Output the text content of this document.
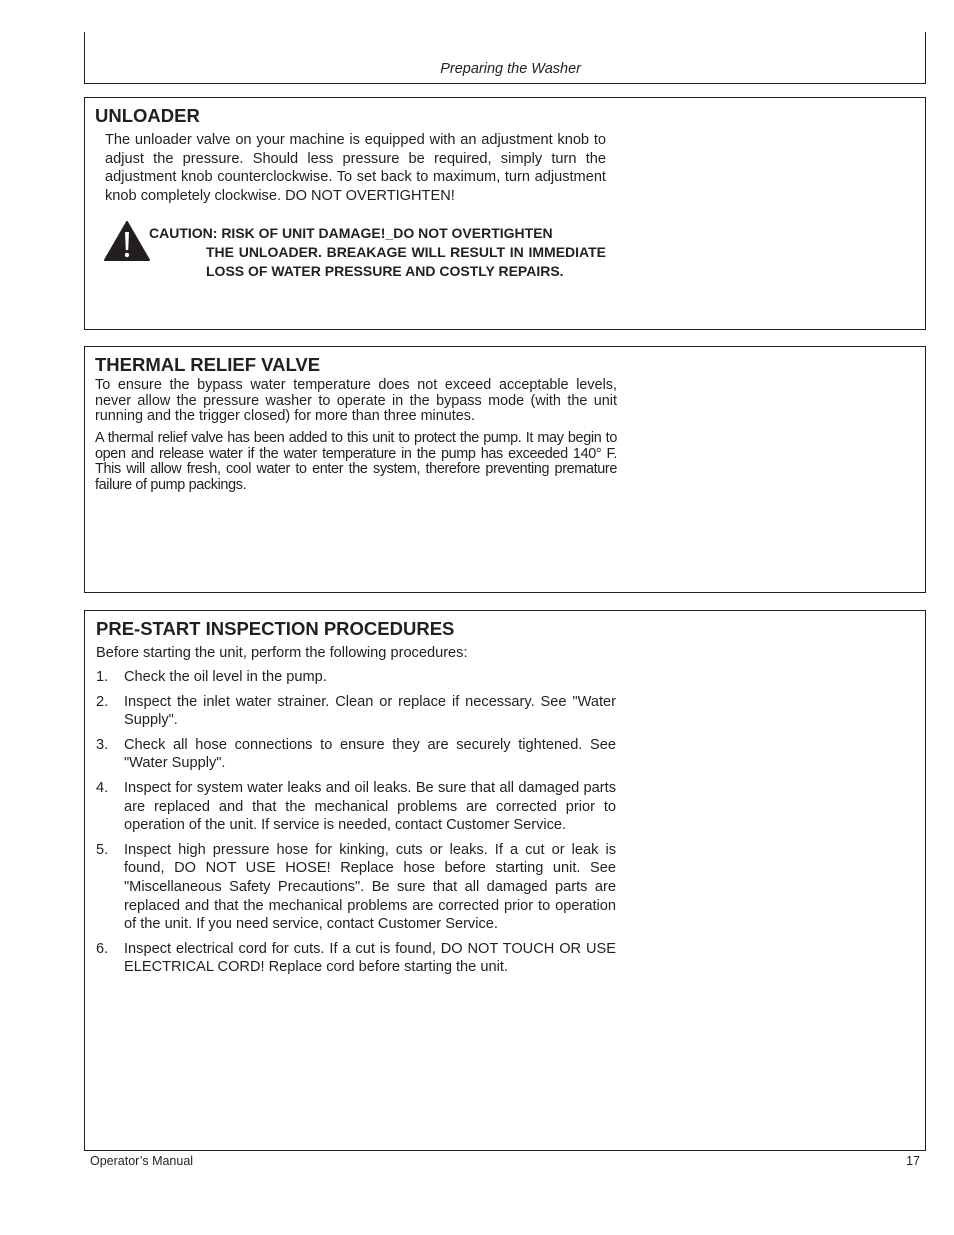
Preparing the Washer
UNLOADER

The unloader valve on your machine is equipped with an adjustment knob to adjust the pressure. Should less pressure be required, simply turn the adjustment knob counterclockwise. To set back to maximum, turn adjustment knob completely clockwise. DO NOT OVERTIGHTEN!

CAUTION: RISK OF UNIT DAMAGE!_DO NOT OVERTIGHTEN
THE UNLOADER. BREAKAGE WILL RESULT IN IMMEDIATE LOSS OF WATER PRESSURE AND COSTLY REPAIRS.
THERMAL RELIEF VALVE

To ensure the bypass water temperature does not exceed acceptable levels, never allow the pressure washer to operate in the bypass mode (with the unit running and the trigger closed) for more than three minutes.

A thermal relief valve has been added to this unit to protect the pump. It may begin to open and release water if the water temperature in the pump has exceeded 140° F. This will allow fresh, cool water to enter the system, therefore preventing premature failure of pump packings.

PRE-START INSPECTION PROCEDURES

Before starting the unit, perform the following procedures:

1. Check the oil level in the pump.
2. Inspect the inlet water strainer. Clean or replace if necessary. See "Water Supply".
3. Check all hose connections to ensure they are securely tightened. See "Water Supply".
4. Inspect for system water leaks and oil leaks. Be sure that all damaged parts are replaced and that the mechanical problems are corrected prior to operation of the unit. If service is needed, contact Customer Service.
5. Inspect high pressure hose for kinking, cuts or leaks. If a cut or leak is found, DO NOT USE HOSE! Replace hose before starting unit. See "Miscellaneous Safety Precautions". Be sure that all damaged parts are replaced and that the mechanical problems are corrected prior to operation of the unit. If you need service, contact Customer Service.
6. Inspect electrical cord for cuts. If a cut is found, DO NOT TOUCH OR USE ELECTRICAL CORD! Replace cord before starting the unit.
Operator’s Manual	17
